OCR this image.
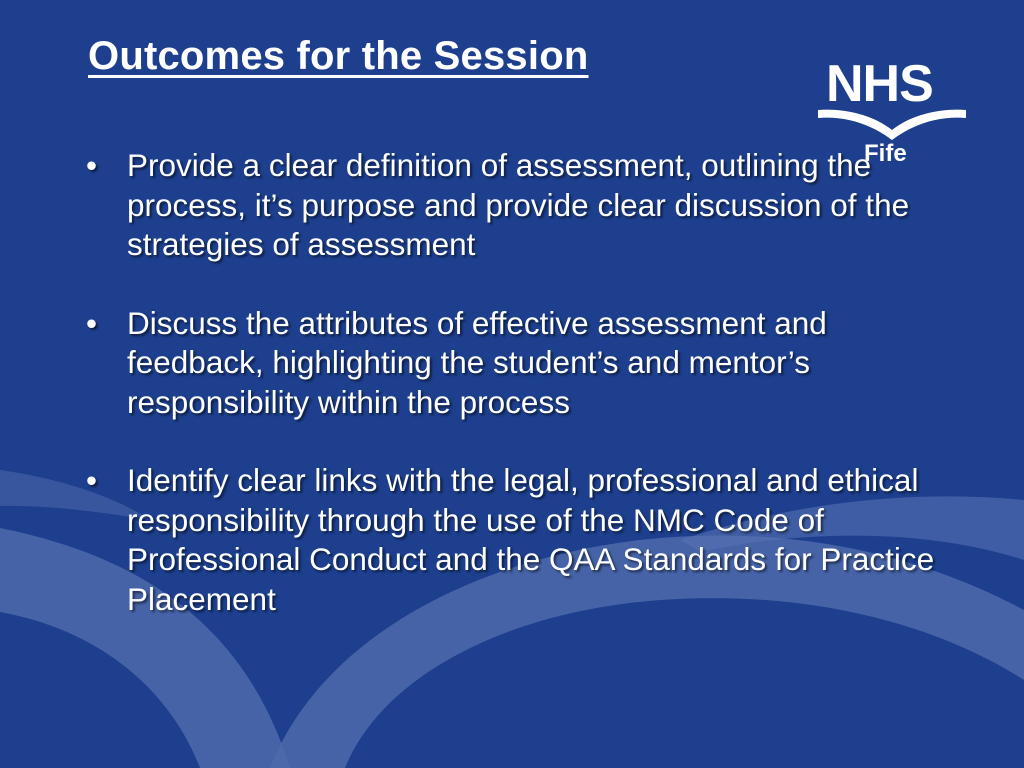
Outcomes for the Session	NHS
Fife
• Provide a clear definition of assessment, outlining the process, it’s purpose and provide clear discussion of the strategies of assessment
• Discuss the attributes of effective assessment and feedback, highlighting the student’s and mentor’s responsibility within the process
• Identify clear links with the legal, professional and ethical responsibility through the use of the NMC Code of Professional Conduct and the QAA Standards for Practice Placement
